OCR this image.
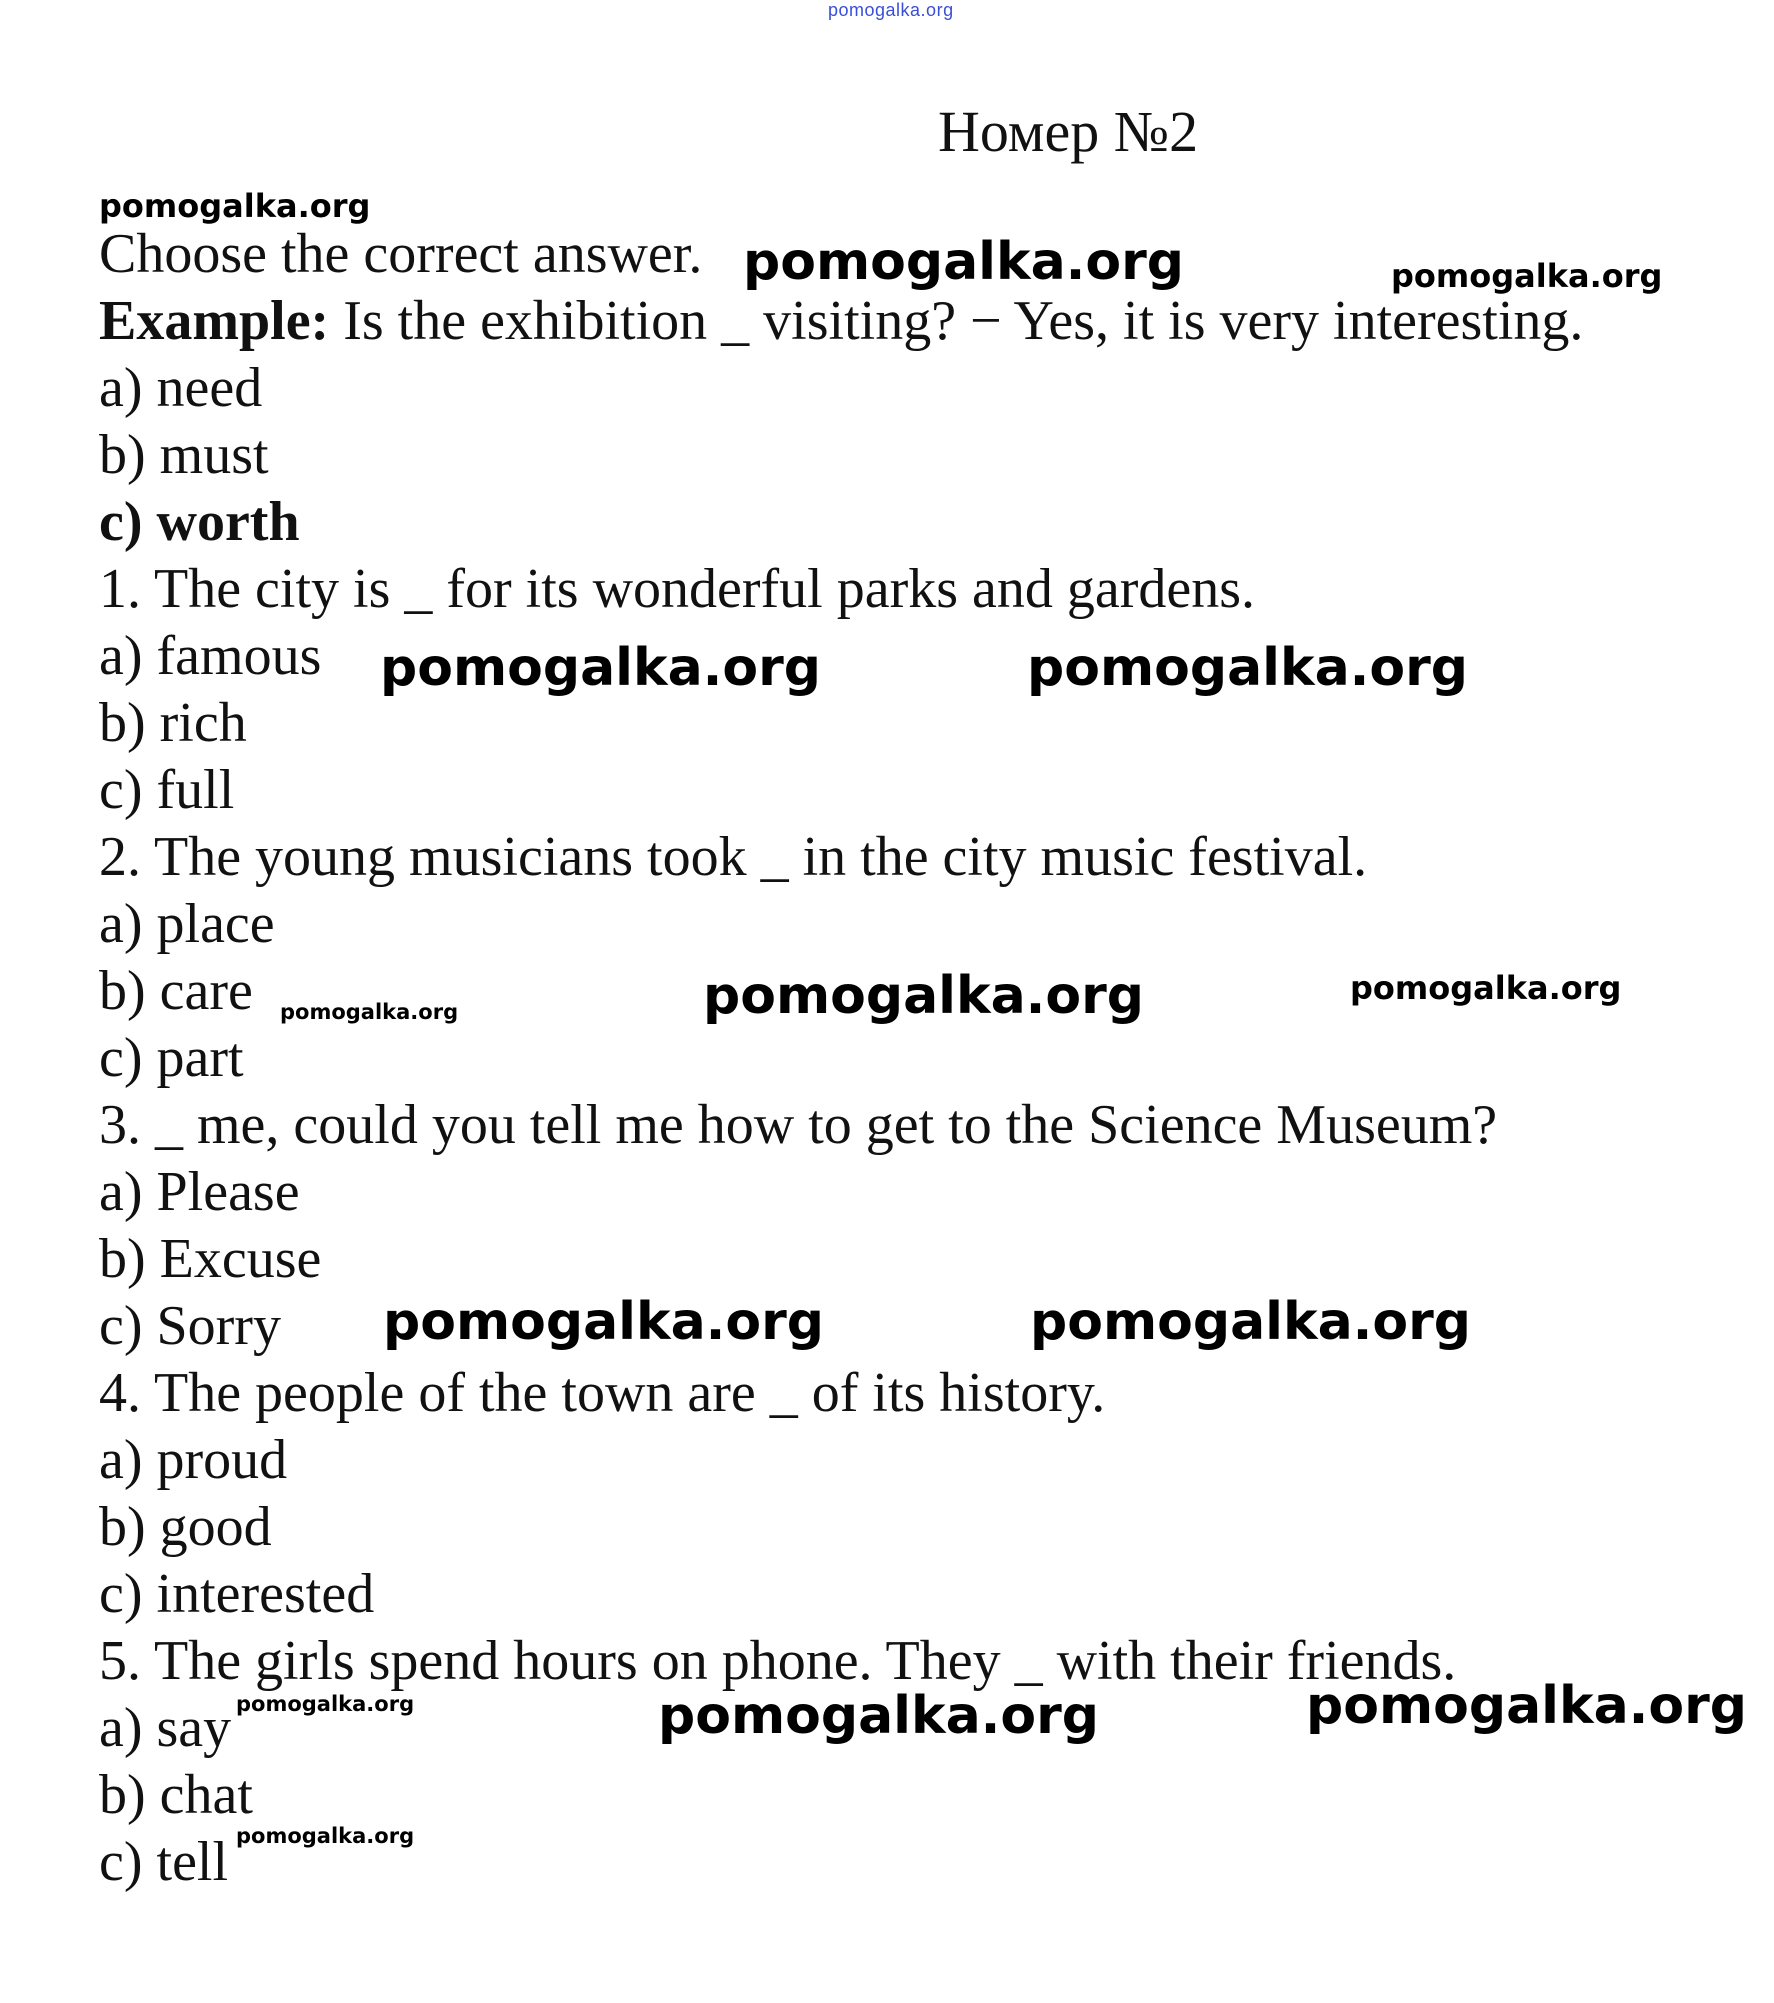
pomogalka.org
Номер №2
pomogalka.org
Choose the correct answer.
Example: Is the exhibition _ visiting? − Yes, it is very interesting.
a) need
b) must
c) worth
1. The city is _ for its wonderful parks and gardens.
a) famous
b) rich
c) full
2. The young musicians took _ in the city music festival.
a) place
b) care
c) part
3. _ me, could you tell me how to get to the Science Museum?
a) Please
b) Excuse
c) Sorry
4. The people of the town are _ of its history.
a) proud
b) good
c) interested
5. The girls spend hours on phone. They _ with their friends.
a) say
b) chat
c) tell
pomogalka.org	pomogalka.org
pomogalka.org	pomogalka.org
pomogalka.org	pomogalka.org	pomogalka.org
pomogalka.org	pomogalka.org
pomogalka.org	pomogalka.org	pomogalka.org
pomogalka.org
